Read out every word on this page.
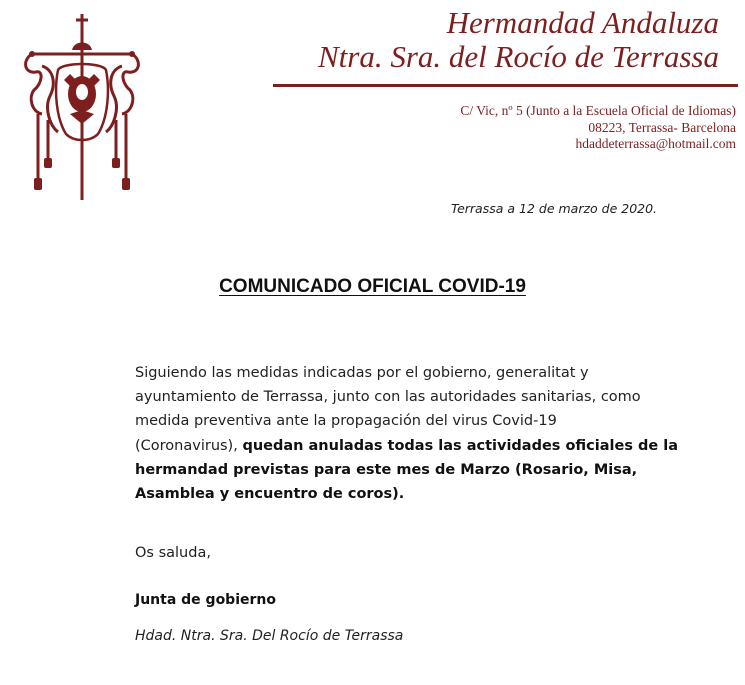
Hermandad Andaluza
Ntra. Sra. del Rocío de Terrassa
C/ Vic, nº 5 (Junto a la Escuela Oficial de Idiomas)
08223, Terrassa- Barcelona
hdaddeterrassa@hotmail.com
Terrassa a 12 de marzo de 2020.
COMUNICADO OFICIAL COVID-19

Siguiendo las medidas indicadas por el gobierno, generalitat y

ayuntamiento de Terrassa, junto con las autoridades sanitarias, como

medida preventiva ante la propagación del virus Covid-19

(Coronavirus), quedan anuladas todas las actividades oficiales de la

hermandad previstas para este mes de Marzo (Rosario, Misa,

Asamblea y encuentro de coros).

Os saluda,
Junta de gobierno
Hdad. Ntra. Sra. Del Rocío de Terrassa
